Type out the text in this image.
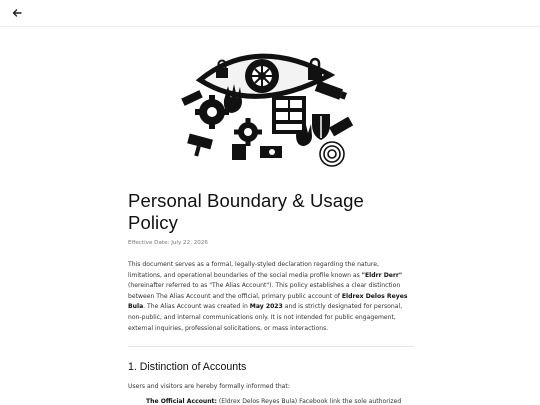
Personal Boundary & Usage Policy
Effective Date: July 22, 2026

This document serves as a formal, legally-styled declaration regarding the nature, limitations, and operational boundaries of the social media profile known as "Eldrr Derr" (hereinafter referred to as "The Alias Account"). This policy establishes a clear distinction between The Alias Account and the official, primary public account of Eldrex Delos Reyes Bula. The Alias Account was created in May 2023 and is strictly designated for personal, non-public, and internal communications only. It is not intended for public engagement, external inquiries, professional solicitations, or mass interactions.

1. Distinction of Accounts
Users and visitors are hereby formally informed that:
The Official Account: (Eldrex Delos Reyes Bula) Facebook link the sole authorized
